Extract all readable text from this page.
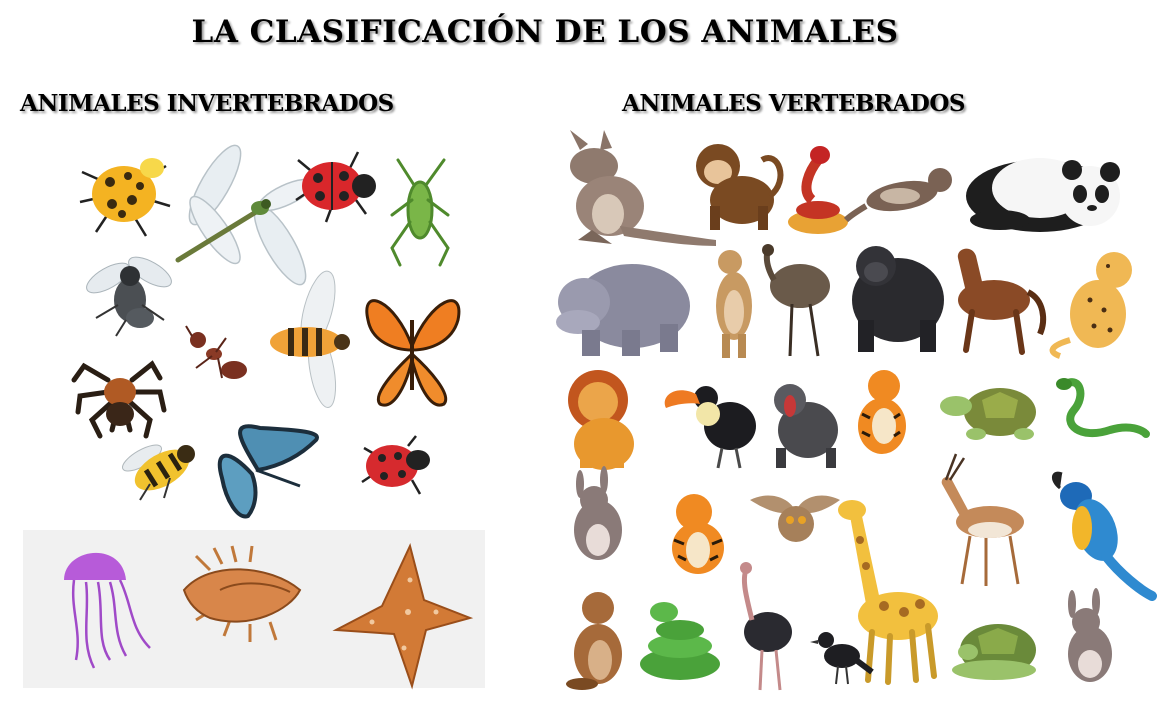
LA CLASIFICACIÓN DE LOS ANIMALES
ANIMALES INVERTEBRADOS	ANIMALES VERTEBRADOS
